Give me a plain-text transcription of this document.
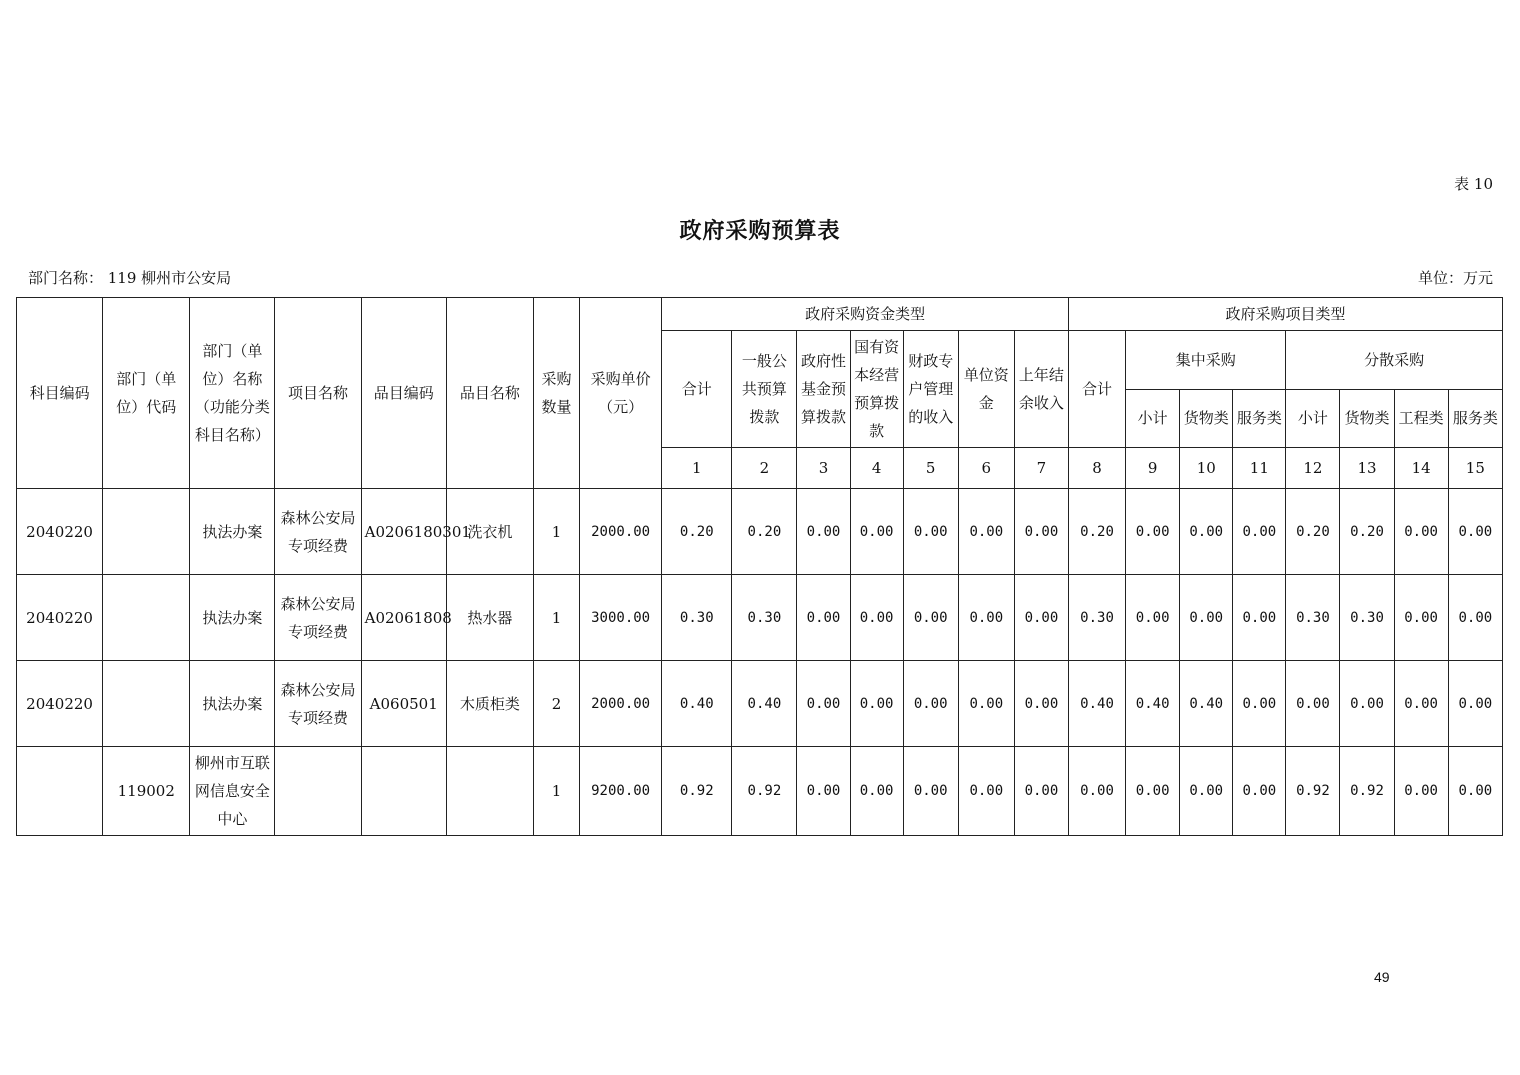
表 10
政府采购预算表
部门名称： 119 柳州市公安局	单位：万元
科目编码	部门（单位）代码	部门（单位）名称（功能分类科目名称）	项目名称	品目编码	品目名称	采购数量	采购单价（元）	政府采购资金类型							政府采购项目类型							
								合计	一般公共预算拨款	政府性基金预算拨款	国有资本经营预算拨款	财政专户管理的收入	单位资金	上年结余收入	合计	集中采购			分散采购			
																小计	货物类	服务类	小计	货物类	工程类	服务类
								1	2	3	4	5	6	7	8	9	10	11	12	13	14	15
2040220		执法办案	森林公安局专项经费	A0206180301	洗衣机	1	2000.00	0.20	0.20	0.00	0.00	0.00	0.00	0.00	0.20	0.00	0.00	0.00	0.20	0.20	0.00	0.00
2040220		执法办案	森林公安局专项经费	A02061808	热水器	1	3000.00	0.30	0.30	0.00	0.00	0.00	0.00	0.00	0.30	0.00	0.00	0.00	0.30	0.30	0.00	0.00
2040220		执法办案	森林公安局专项经费	A060501	木质柜类	2	2000.00	0.40	0.40	0.00	0.00	0.00	0.00	0.00	0.40	0.40	0.40	0.00	0.00	0.00	0.00	0.00
	119002	柳州市互联网信息安全中心				1	9200.00	0.92	0.92	0.00	0.00	0.00	0.00	0.00	0.00	0.00	0.00	0.00	0.92	0.92	0.00	0.00
49
